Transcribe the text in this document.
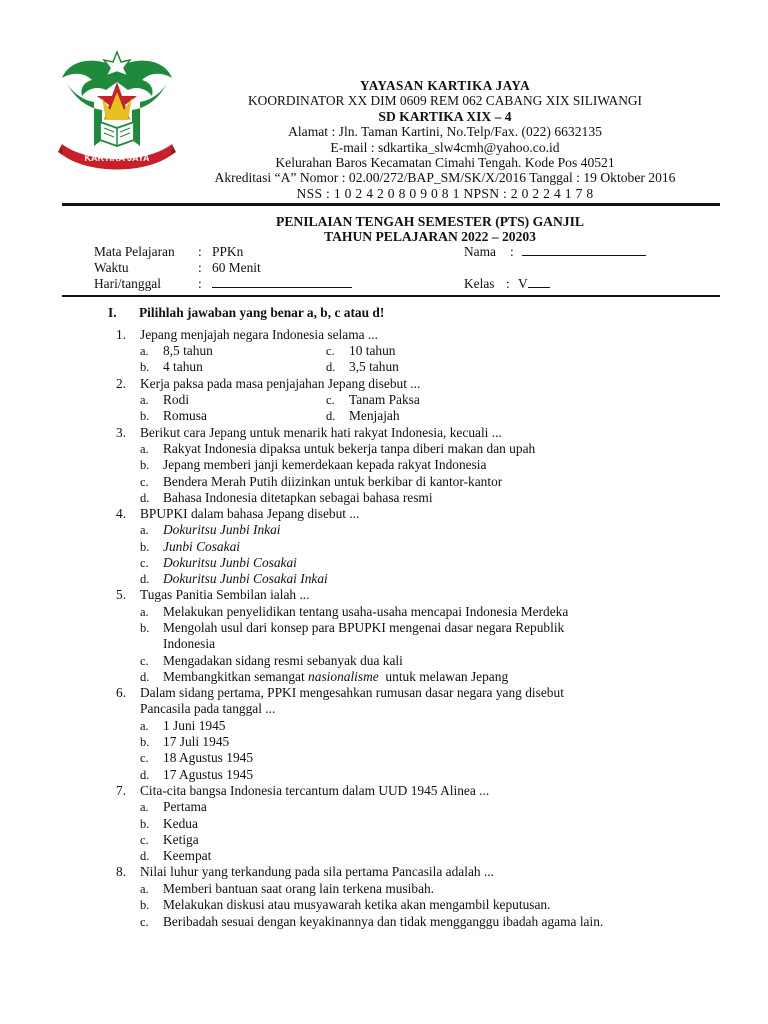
KARTIKA JAYA
YAYASAN KARTIKA JAYA
KOORDINATOR XX DIM 0609 REM 062 CABANG XIX SILIWANGI
SD KARTIKA XIX – 4
Alamat : Jln. Taman Kartini, No.Telp/Fax. (022) 6632135
E-mail : sdkartika_slw4cmh@yahoo.co.id
Kelurahan Baros Kecamatan Cimahi Tengah. Kode Pos 40521
Akreditasi “A” Nomor : 02.00/272/BAP_SM/SK/X/2016 Tanggal : 19 Oktober 2016
NSS : 1 0 2 4 2 0 8 0 9 0 8 1 NPSN : 2 0 2 2 4 1 7 8
PENILAIAN TENGAH SEMESTER (PTS) GANJIL
TAHUN PELAJARAN 2022 – 20203
Mata Pelajaran : PPKn
Waktu	: 60 Menit
Hari/tanggal	:
Nama :
Kelas : V
I. Pilihlah jawaban yang benar a, b, c atau d!
1. Jepang menjajah negara Indonesia selama ...
a. 8,5 tahun	c. 10 tahun
b. 4 tahun	d. 3,5 tahun
2. Kerja paksa pada masa penjajahan Jepang disebut ...
a. Rodi	c. Tanam Paksa
b. Romusa	d. Menjajah
3. Berikut cara Jepang untuk menarik hati rakyat Indonesia, kecuali ...
a. Rakyat Indonesia dipaksa untuk bekerja tanpa diberi makan dan upah
b. Jepang memberi janji kemerdekaan kepada rakyat Indonesia
c. Bendera Merah Putih diizinkan untuk berkibar di kantor-kantor
d. Bahasa Indonesia ditetapkan sebagai bahasa resmi
4. BPUPKI dalam bahasa Jepang disebut ...
a. Dokuritsu Junbi Inkai
b. Junbi Cosakai
c. Dokuritsu Junbi Cosakai
d. Dokuritsu Junbi Cosakai Inkai
5. Tugas Panitia Sembilan ialah ...
a. Melakukan penyelidikan tentang usaha-usaha mencapai Indonesia Merdeka
b. Mengolah usul dari konsep para BPUPKI mengenai dasar negara Republik
Indonesia
c. Mengadakan sidang resmi sebanyak dua kali
d. Membangkitkan semangat nasionalisme  untuk melawan Jepang
6. Dalam sidang pertama, PPKI mengesahkan rumusan dasar negara yang disebut
Pancasila pada tanggal ...
a. 1 Juni 1945
b. 17 Juli 1945
c. 18 Agustus 1945
d. 17 Agustus 1945
7. Cita-cita bangsa Indonesia tercantum dalam UUD 1945 Alinea ...
a. Pertama
b. Kedua
c. Ketiga
d. Keempat
8. Nilai luhur yang terkandung pada sila pertama Pancasila adalah ...
a. Memberi bantuan saat orang lain terkena musibah.
b. Melakukan diskusi atau musyawarah ketika akan mengambil keputusan.
c. Beribadah sesuai dengan keyakinannya dan tidak mengganggu ibadah agama lain.
